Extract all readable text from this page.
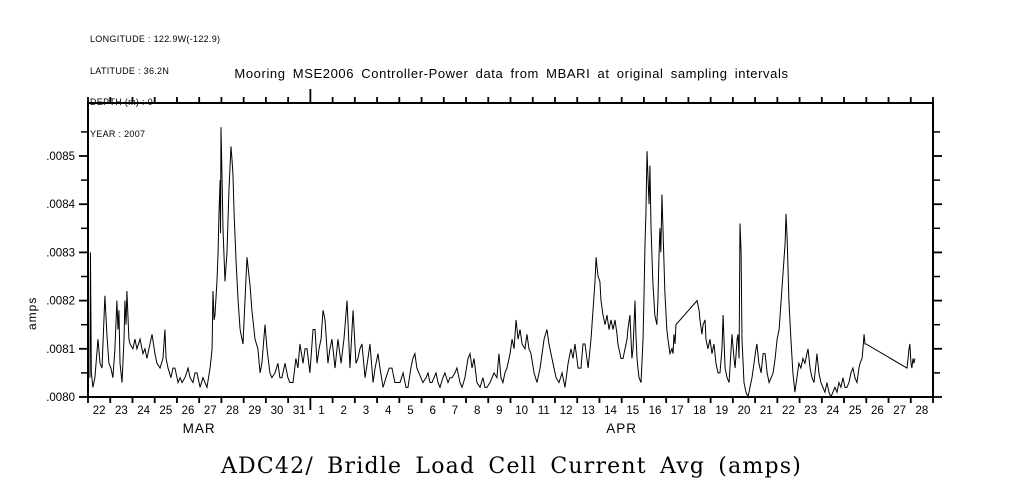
LONGITUDE : 122.9W(-122.9)

LATITUDE : 36.2N

DEPTH (m) : 0

YEAR : 2007

Mooring MSE2006 Controller-Power data from MBARI at original sampling intervals
amps
22 23 24 25 26 27 28 29 30 31 1 2 3 4 5 6 7 8 9 10 11 12 13 14 15 16 17 18 19 20 21 22 23 24 25 26 27 28
MAR	APR
.0080
.0081
.0082
.0083
.0084
.0085
ADC42/ Bridle Load Cell Current Avg (amps)
